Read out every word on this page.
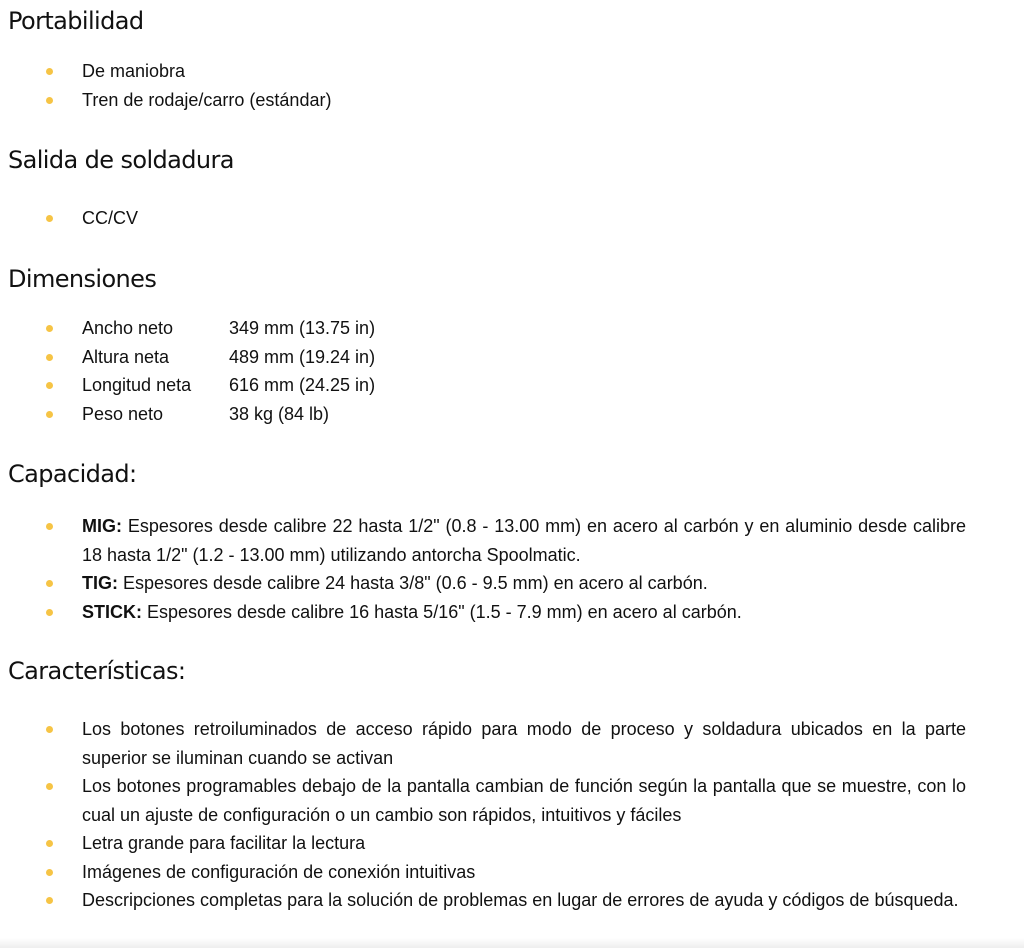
Portabilidad
De maniobra
Tren de rodaje/carro (estándar)
Salida de soldadura
CC/CV
Dimensiones
Ancho neto	349 mm (13.75 in)
Altura neta	489 mm (19.24 in)
Longitud neta 616 mm (24.25 in)
Peso neto	38 kg (84 lb)
Capacidad:
MIG: Espesores desde calibre 22 hasta 1/2" (0.8 - 13.00 mm) en acero al carbón y en aluminio desde calibre 18 hasta 1/2" (1.2 - 13.00 mm) utilizando antorcha Spoolmatic.
TIG: Espesores desde calibre 24 hasta 3/8" (0.6 - 9.5 mm) en acero al carbón.
STICK: Espesores desde calibre 16 hasta 5/16" (1.5 - 7.9 mm) en acero al carbón.
Características:
Los botones retroiluminados de acceso rápido para modo de proceso y soldadura ubicados en la parte superior se iluminan cuando se activan
Los botones programables debajo de la pantalla cambian de función según la pantalla que se muestre, con lo cual un ajuste de configuración o un cambio son rápidos, intuitivos y fáciles
Letra grande para facilitar la lectura
Imágenes de configuración de conexión intuitivas
Descripciones completas para la solución de problemas en lugar de errores de ayuda y códigos de búsqueda.
